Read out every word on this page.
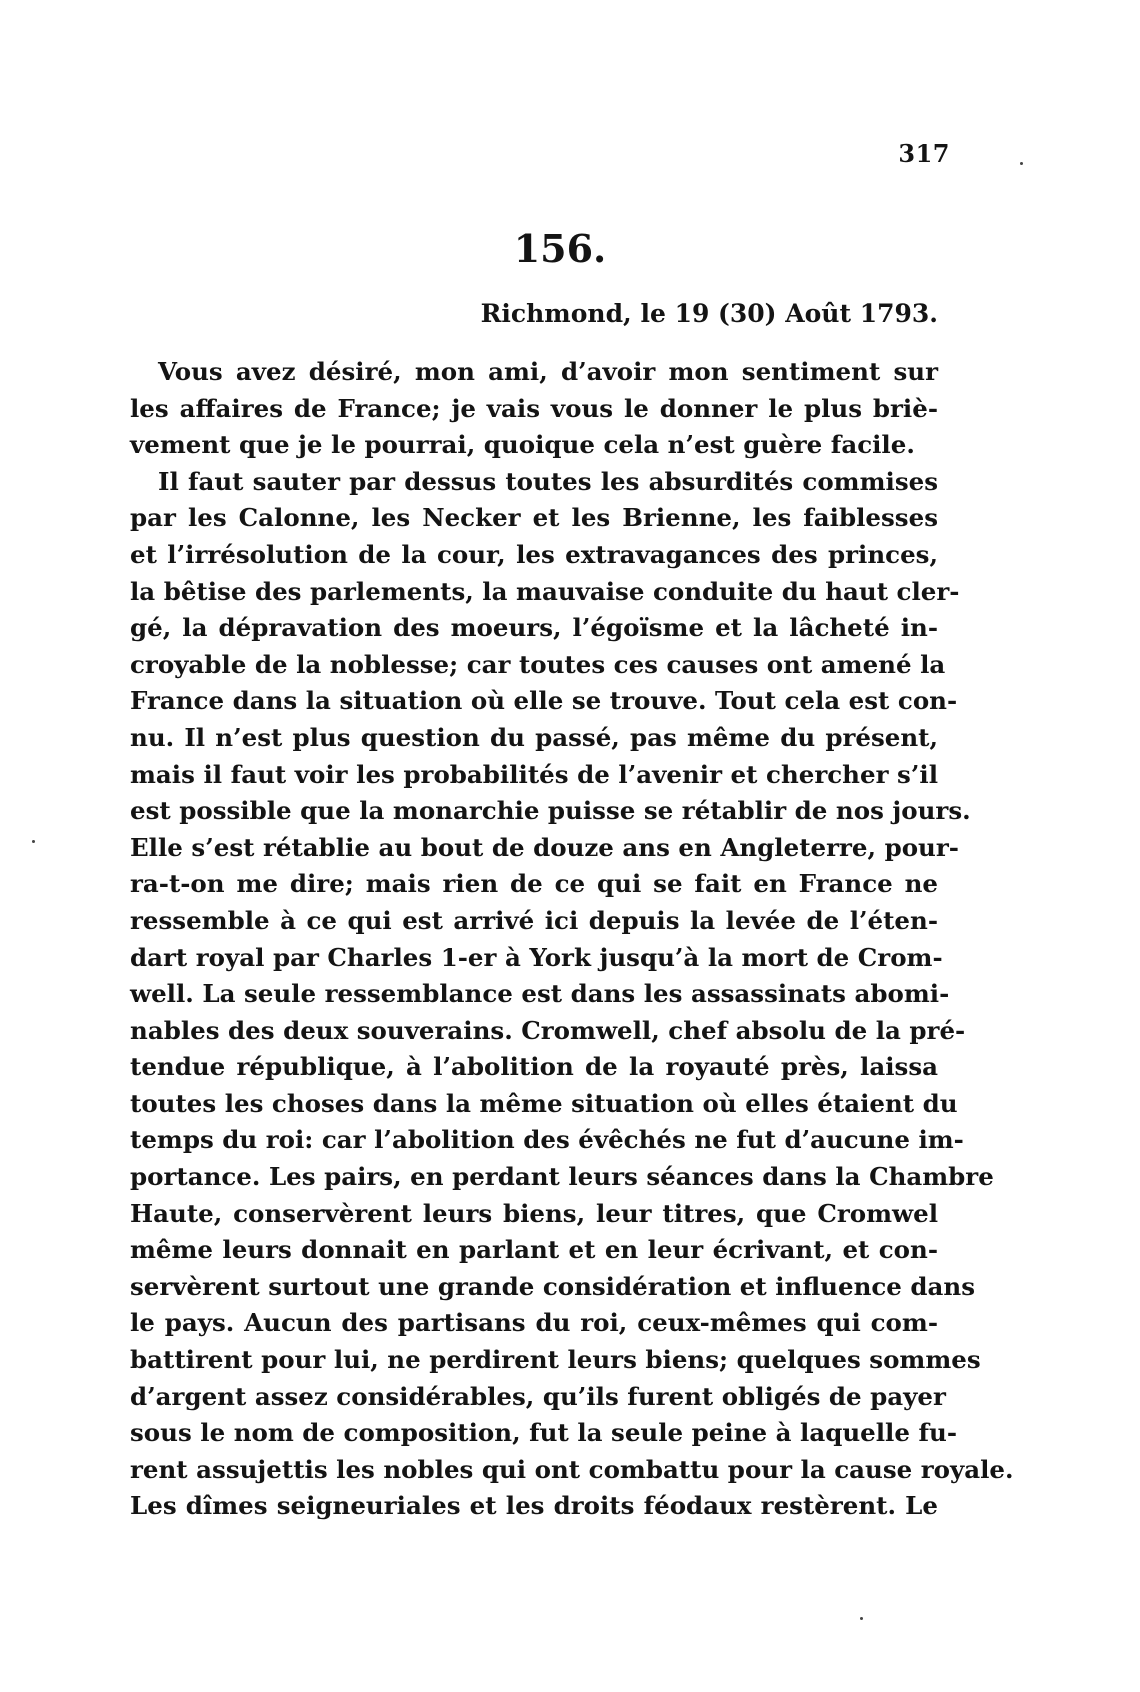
317
156.
Richmond, le 19 (30) Août 1793.
Vous avez désiré, mon ami, d’avoir mon sentiment sur
les affaires de France; je vais vous le donner le plus briè-
vement que je le pourrai, quoique cela n’est guère facile.
Il faut sauter par dessus toutes les absurdités commises
par les Calonne, les Necker et les Brienne, les faiblesses
et l’irrésolution de la cour, les extravagances des princes,
la bêtise des parlements, la mauvaise conduite du haut cler-
gé, la dépravation des moeurs, l’égoïsme et la lâcheté in-
croyable de la noblesse; car toutes ces causes ont amené la
France dans la situation où elle se trouve. Tout cela est con-
nu. Il n’est plus question du passé, pas même du présent,
mais il faut voir les probabilités de l’avenir et chercher s’il
est possible que la monarchie puisse se rétablir de nos jours.
Elle s’est rétablie au bout de douze ans en Angleterre, pour-
ra-t-on me dire; mais rien de ce qui se fait en France ne
ressemble à ce qui est arrivé ici depuis la levée de l’éten-
dart royal par Charles 1-er à York jusqu’à la mort de Crom-
well. La seule ressemblance est dans les assassinats abomi-
nables des deux souverains. Cromwell, chef absolu de la pré-
tendue république, à l’abolition de la royauté près, laissa
toutes les choses dans la même situation où elles étaient du
temps du roi: car l’abolition des évêchés ne fut d’aucune im-
portance. Les pairs, en perdant leurs séances dans la Chambre
Haute, conservèrent leurs biens, leur titres, que Cromwel
même leurs donnait en parlant et en leur écrivant, et con-
servèrent surtout une grande considération et influence dans
le pays. Aucun des partisans du roi, ceux-mêmes qui com-
battirent pour lui, ne perdirent leurs biens; quelques sommes
d’argent assez considérables, qu’ils furent obligés de payer
sous le nom de composition, fut la seule peine à laquelle fu-
rent assujettis les nobles qui ont combattu pour la cause royale.
Les dîmes seigneuriales et les droits féodaux restèrent. Le
